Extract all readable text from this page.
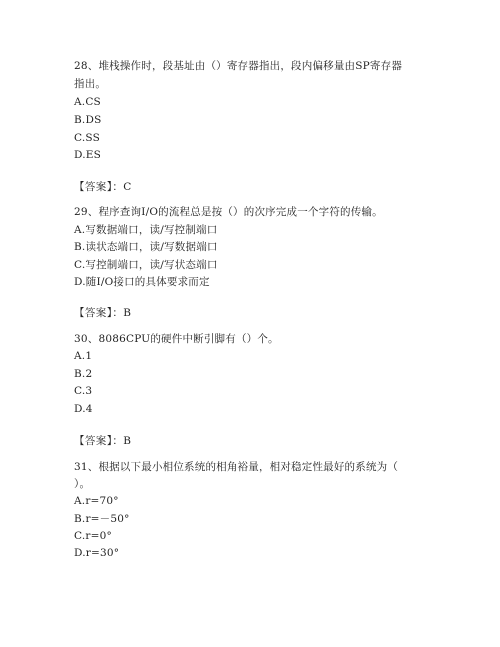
28、堆栈操作时，段基址由（）寄存器指出，段内偏移量由SP寄存器
指出。
A.CS
B.DS
C.SS
D.ES
【答案】：C
29、程序查询I/O的流程总是按（）的次序完成一个字符的传输。
A.写数据端口，读/写控制端口
B.读状态端口，读/写数据端口
C.写控制端口，读/写状态端口
D.随I/O接口的具体要求而定
【答案】：B
30、8086CPU的硬件中断引脚有（）个。
A.1
B.2
C.3
D.4
【答案】：B
31、根据以下最小相位系统的相角裕量，相对稳定性最好的系统为（
）。
A.r=70°
B.r=－50°
C.r=0°
D.r=30°
